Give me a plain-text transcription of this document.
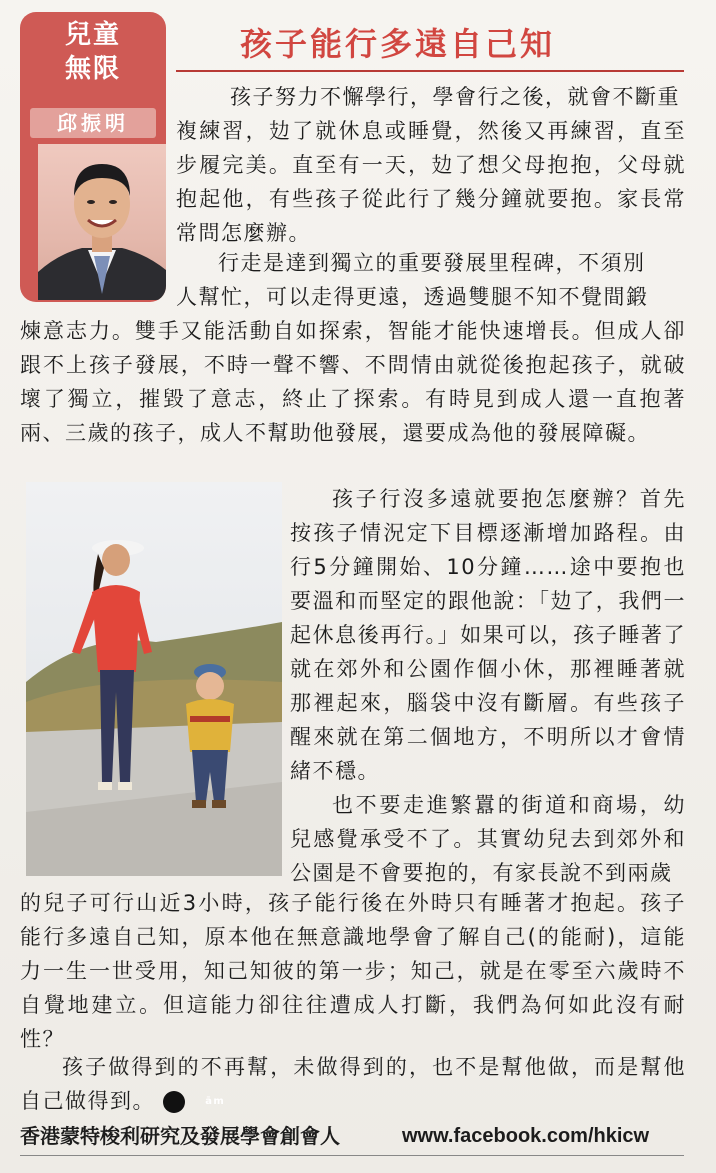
兒童
無限
邱振明
孩子能行多遠自己知

孩子努力不懈學行，學會行之後，就會不斷重

複練習，攰了就休息或睡覺，然後又再練習，直至步履完美。直至有一天，攰了想父母抱抱，父母就抱起他，有些孩子從此行了幾分鐘就要抱。家長常常問怎麼辦。

行走是達到獨立的重要發展里程碑，不須別

人幫忙，可以走得更遠，透過雙腿不知不覺間鍛

煉意志力。雙手又能活動自如探索，智能才能快速增長。但成人卻跟不上孩子發展，不時一聲不響、不問情由就從後抱起孩子，就破壞了獨立，摧毀了意志，終止了探索。有時見到成人還一直抱著兩、三歲的孩子，成人不幫助他發展，還要成為他的發展障礙。

孩子行沒多遠就要抱怎麼辦？首先按孩子情況定下目標逐漸增加路程。由行5分鐘開始、10分鐘……途中要抱也要溫和而堅定的跟他說：「攰了，我們一起休息後再行。」如果可以，孩子睡著了就在郊外和公園作個小休，那裡睡著就那裡起來，腦袋中沒有斷層。有些孩子醒來就在第二個地方，不明所以才會情緒不穩。

也不要走進繁囂的街道和商場，幼兒感覺承受不了。其實幼兒去到郊外和公園是不會要抱的，有家長說不到兩歲

的兒子可行山近3小時，孩子能行後在外時只有睡著才抱起。孩子能行多遠自己知，原本他在無意識地學會了解自己(的能耐)，這能力一生一世受用，知己知彼的第一步；知己，就是在零至六歲時不自覺地建立。但這能力卻往往遭成人打斷，我們為何如此沒有耐性？

孩子做得到的不再幫，未做得到的，也不是幫他做，而是幫他自己做得到。	ām

香港蒙特梭利研究及發展學會創會人	www.facebook.com/hkicw
